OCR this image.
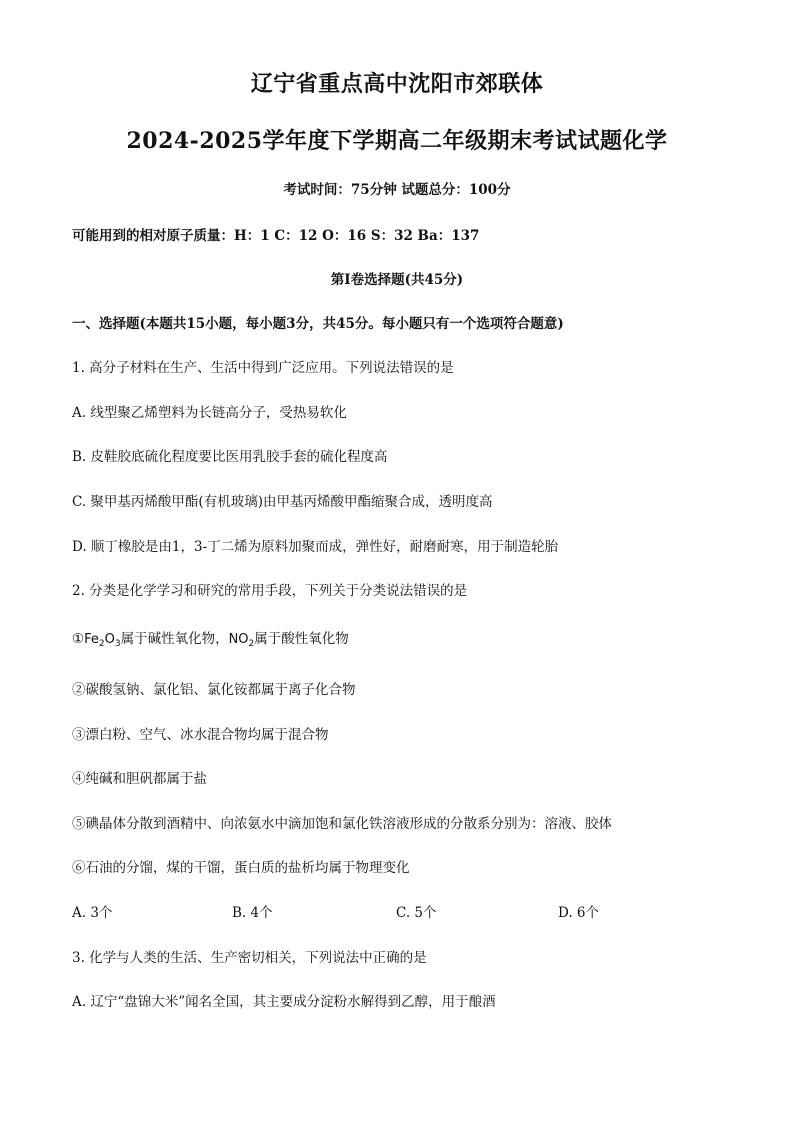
辽宁省重点高中沈阳市郊联体
2024-2025学年度下学期高二年级期末考试试题化学
考试时间：75分钟 试题总分：100分
可能用到的相对原子质量：H：1 C：12 O：16 S：32 Ba：137
第Ⅰ卷选择题(共45分)
一、选择题(本题共15小题，每小题3分，共45分。每小题只有一个选项符合题意)
1. 高分子材料在生产、生活中得到广泛应用。下列说法错误的是
A. 线型聚乙烯塑料为长链高分子，受热易软化
B. 皮鞋胶底硫化程度要比医用乳胶手套的硫化程度高
C. 聚甲基丙烯酸甲酯(有机玻璃)由甲基丙烯酸甲酯缩聚合成，透明度高
D. 顺丁橡胶是由1，3-丁二烯为原料加聚而成，弹性好，耐磨耐寒，用于制造轮胎
2. 分类是化学学习和研究的常用手段，下列关于分类说法错误的是
$①Fe_2O_3$属于碱性氧化物，$NO_2$属于酸性氧化物
②碳酸氢钠、氯化铝、氯化铵都属于离子化合物
③漂白粉、空气、冰水混合物均属于混合物
④纯碱和胆矾都属于盐
⑤碘晶体分散到酒精中、向浓氨水中滴加饱和氯化铁溶液形成的分散系分别为：溶液、胶体
⑥石油的分馏，煤的干馏，蛋白质的盐析均属于物理变化
A. 3个	B. 4个	C. 5个	D. 6个
3. 化学与人类的生活、生产密切相关，下列说法中正确的是
A. 辽宁“盘锦大米”闻名全国，其主要成分淀粉水解得到乙醇，用于酿酒
